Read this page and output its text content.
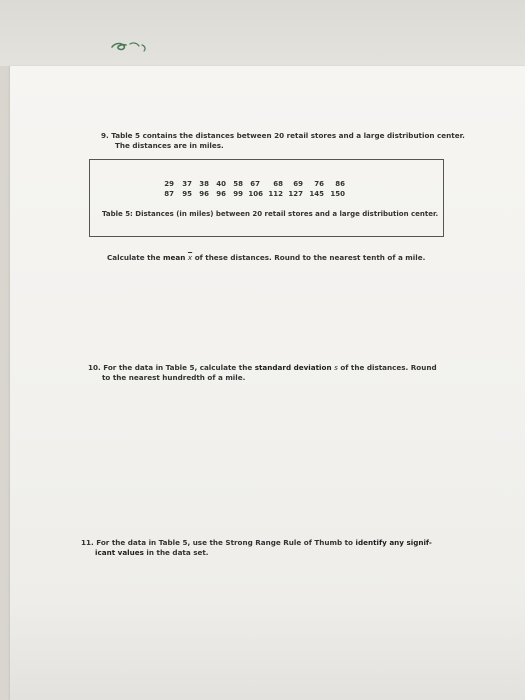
9. Table 5 contains the distances between 20 retail stores and a large distribution center.
The distances are in miles.
29	37	38	40	58	67	68	69	76	86
87	95	96	96	99 106 112 127 145 150
Table 5: Distances (in miles) between 20 retail stores and a large distribution center.
Calculate the mean $\overline{x}$ of these distances. Round to the nearest tenth of a mile.
10. For the data in Table 5, calculate the standard deviation s of the distances. Round
to the nearest hundredth of a mile.
11. For the data in Table 5, use the Strong Range Rule of Thumb to identify any signif-
icant values in the data set.
